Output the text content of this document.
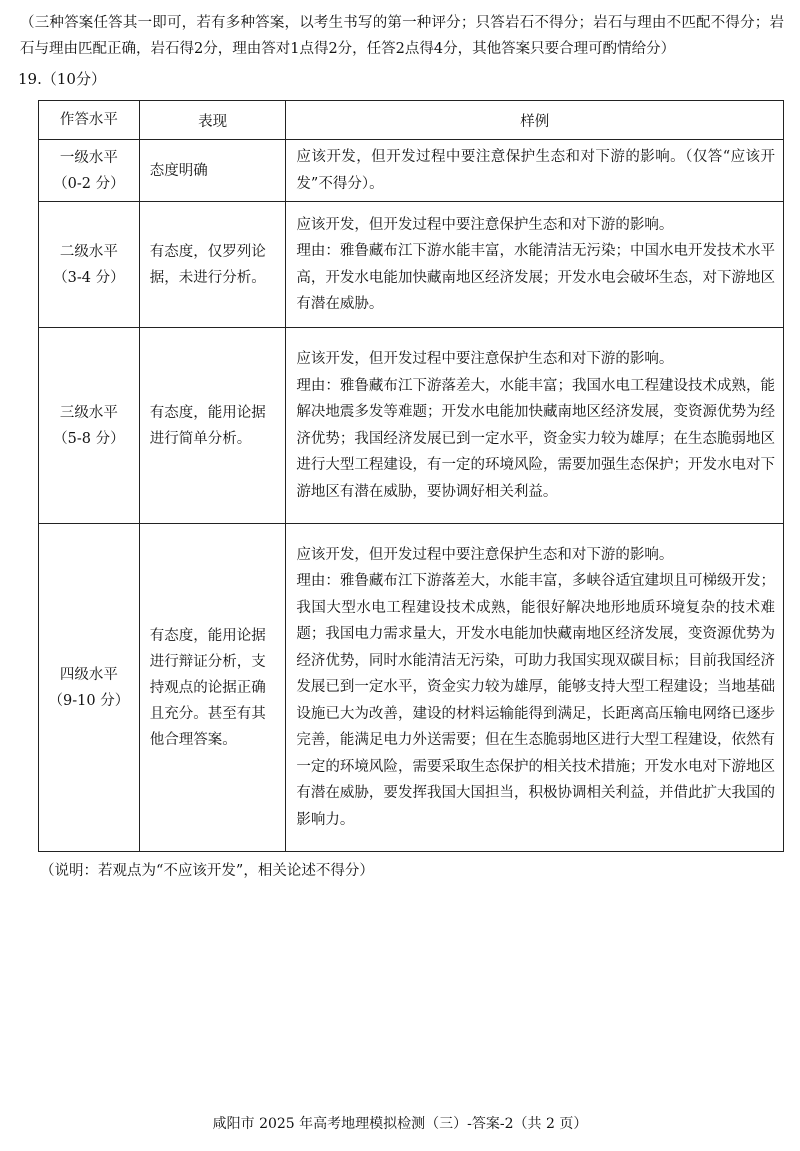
（三种答案任答其一即可，若有多种答案，以考生书写的第一种评分；只答岩石不得分；岩石与理由不匹配不得分；岩石与理由匹配正确，岩石得2分，理由答对1点得2分，任答2点得4分，其他答案只要合理可酌情给分）
19.（10分）
作答水平	表现	样例

一级水平
（0-2 分）	态度明确	应该开发，但开发过程中要注意保护生态和对下游的影响。（仅答“应该开发”不得分）。

二级水平
（3-4 分）	有态度，仅罗列论据，未进行分析。	应该开发，但开发过程中要注意保护生态和对下游的影响。
理由：雅鲁藏布江下游水能丰富，水能清洁无污染；中国水电开发技术水平高，开发水电能加快藏南地区经济发展；开发水电会破坏生态，对下游地区有潜在威胁。

三级水平
（5-8 分）	有态度，能用论据进行简单分析。	应该开发，但开发过程中要注意保护生态和对下游的影响。
理由：雅鲁藏布江下游落差大，水能丰富；我国水电工程建设技术成熟，能解决地震多发等难题；开发水电能加快藏南地区经济发展，变资源优势为经济优势；我国经济发展已到一定水平，资金实力较为雄厚；在生态脆弱地区进行大型工程建设，有一定的环境风险，需要加强生态保护；开发水电对下游地区有潜在威胁，要协调好相关利益。

四级水平
（9-10 分）	有态度，能用论据进行辩证分析，支持观点的论据正确且充分。甚至有其他合理答案。	应该开发，但开发过程中要注意保护生态和对下游的影响。
理由：雅鲁藏布江下游落差大，水能丰富，多峡谷适宜建坝且可梯级开发；我国大型水电工程建设技术成熟，能很好解决地形地质环境复杂的技术难题；我国电力需求量大，开发水电能加快藏南地区经济发展，变资源优势为经济优势，同时水能清洁无污染，可助力我国实现双碳目标；目前我国经济发展已到一定水平，资金实力较为雄厚，能够支持大型工程建设；当地基础设施已大为改善，建设的材料运输能得到满足，长距离高压输电网络已逐步完善，能满足电力外送需要；但在生态脆弱地区进行大型工程建设，依然有一定的环境风险，需要采取生态保护的相关技术措施；开发水电对下游地区有潜在威胁，要发挥我国大国担当，积极协调相关利益，并借此扩大我国的影响力。
（说明：若观点为“不应该开发”，相关论述不得分）
咸阳市 2025 年高考地理模拟检测（三）-答案-2（共 2 页）
